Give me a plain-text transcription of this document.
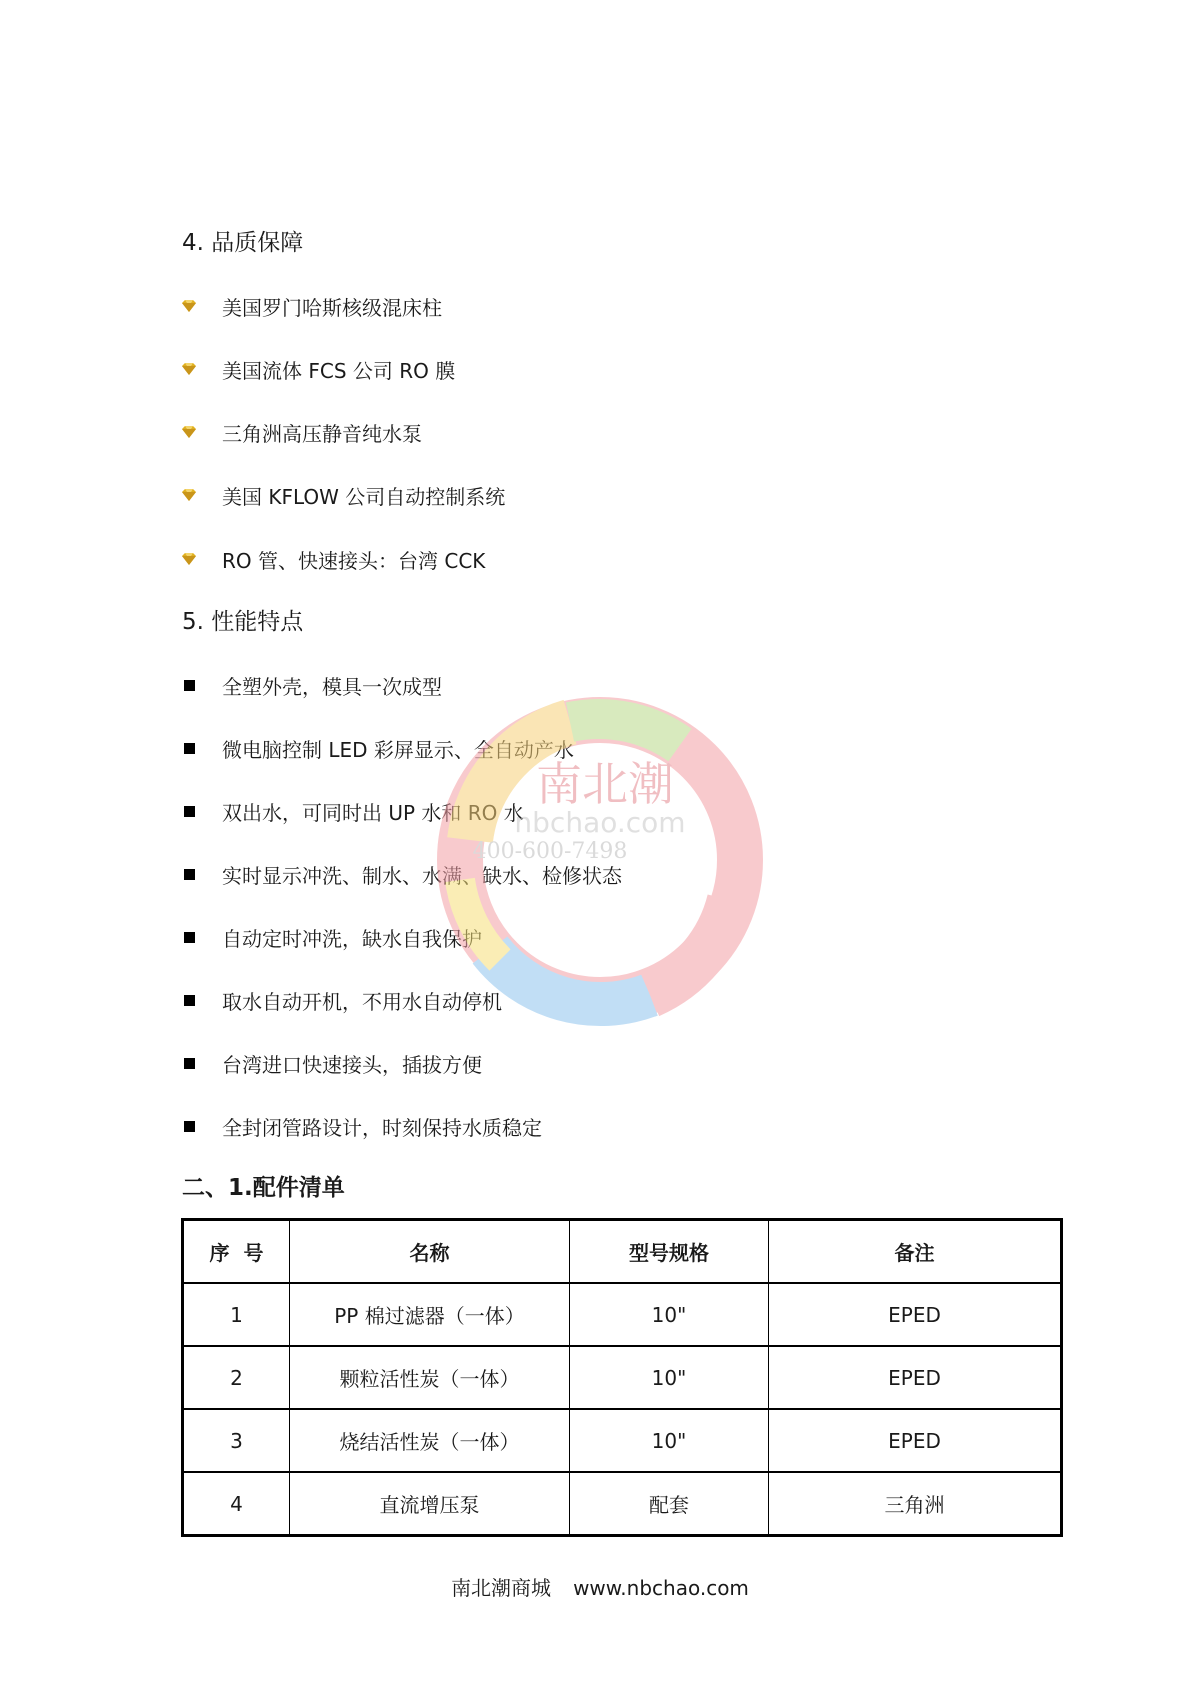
4. 品质保障
美国罗门哈斯核级混床柱
美国流体 FCS 公司 RO 膜
三角洲高压静音纯水泵
美国 KFLOW 公司自动控制系统
RO 管、快速接头：台湾 CCK
5. 性能特点
全塑外壳，模具一次成型
微电脑控制 LED 彩屏显示、全自动产水
双出水，可同时出 UP 水和 RO 水
实时显示冲洗、制水、水满、缺水、检修状态
自动定时冲洗，缺水自我保护
取水自动开机，不用水自动停机
台湾进口快速接头，插拔方便
全封闭管路设计，时刻保持水质稳定
二、1.配件清单
序  号	名称	型号规格	备注
1	PP 棉过滤器（一体）	10"	EPED
2	颗粒活性炭（一体）	10"	EPED
3	烧结活性炭（一体）	10"	EPED
4	直流增压泵	配套	三角洲
南北潮商城 www.nbchao.com
南北潮
nbchao.com
400-600-7498
